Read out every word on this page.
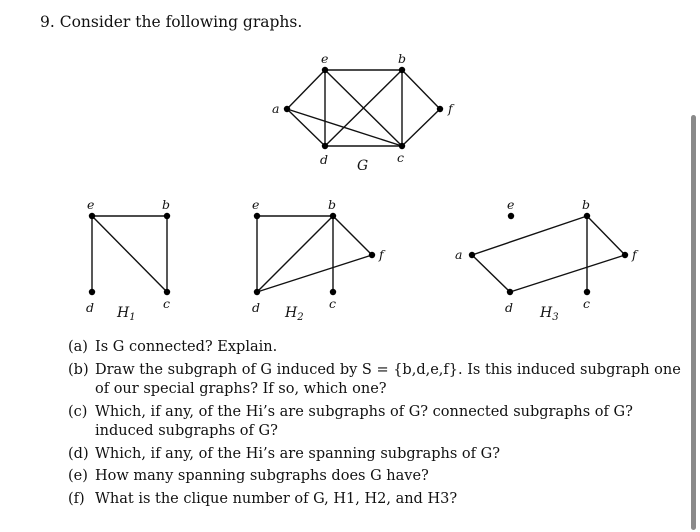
9. Consider the following graphs.
a
e	b
f
d	c
G
e	b
d	c
$H_1$
e	b
f
d	c
$H_2$
e	b
a	f
d	c
$H_3$
(a) Is G connected? Explain.
(b) Draw the subgraph of G induced by S = {b,d,e,f}. Is this induced subgraph one of our special graphs? If so, which one?
(c) Which, if any, of the Hi’s are subgraphs of G? connected subgraphs of G? induced subgraphs of G?
(d) Which, if any, of the Hi’s are spanning subgraphs of G?
(e) How many spanning subgraphs does G have?
(f) What is the clique number of G, H1, H2, and H3?
